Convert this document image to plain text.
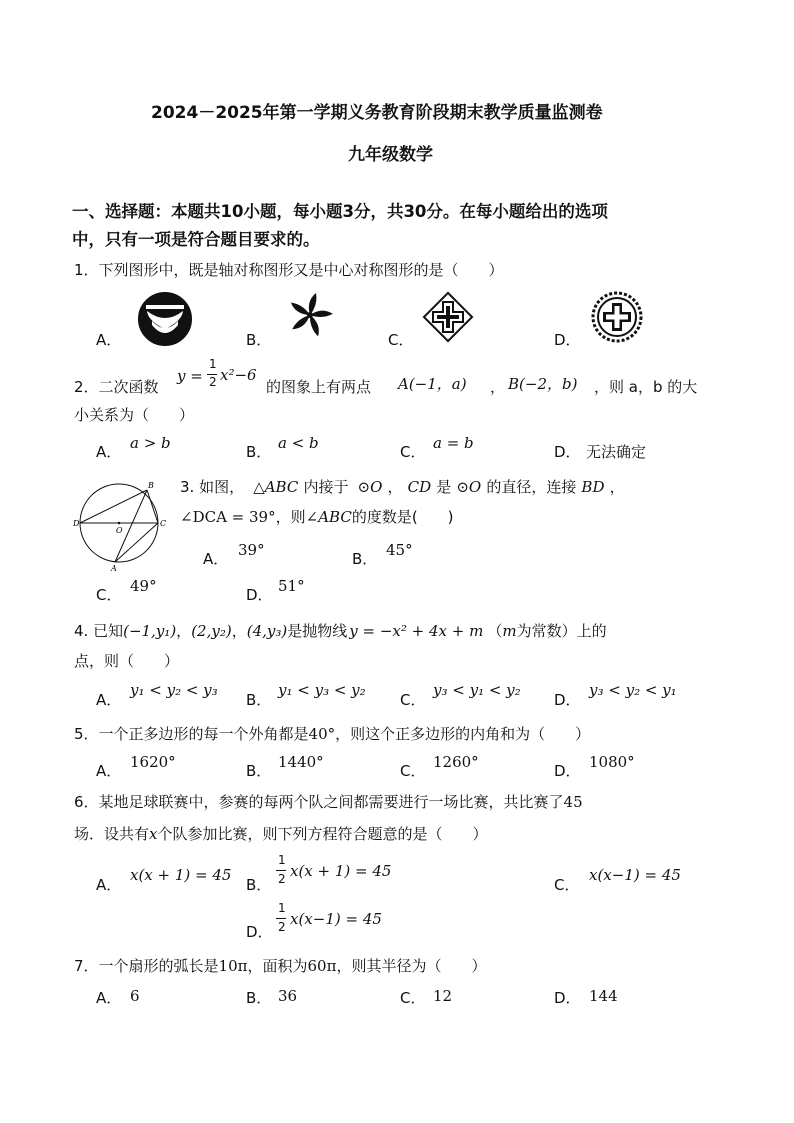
2024－2025年第一学期义务教育阶段期末教学质量监测卷
九年级数学
一、选择题：本题共10小题，每小题3分，共30分。在每小题给出的选项
中，只有一项是符合题目要求的。
1．下列图形中，既是轴对称图形又是中心对称图形的是（　　）
A．	B．	C．	D．
2．二次函数
y =
1
2 x²−6
的图象上有两点 A(−1，a) ， B(−2，b) ，则 a，b 的大
小关系为（　　）
A． a > b	B． a < b	C． a = b	D． 无法确定
D
O
C
B
A
3. 如图， △ABC 内接于 ⊙O ， CD 是 ⊙O 的直径，连接 BD ，
∠DCA = 39°，则∠ABC的度数是(　　)
A． 39°	B． 45°
C． 49°	D． 51°
4. 已知(−1,y₁)，(2,y₂)，(4,y₃)是抛物线 y = −x² + 4x + m （m为常数）上的
点，则（　　）
A．
y₁ < y₂ < y₃
B．
y₁ < y₃ < y₂
C．
y₃ < y₁ < y₂
D．
y₃ < y₂ < y₁
5．一个正多边形的每一个外角都是40°，则这个正多边形的内角和为（　　）
A． 1620°	B． 1440°	C． 1260°	D． 1080°
6．某地足球联赛中，参赛的每两个队之间都需要进行一场比赛，共比赛了45
场．设共有x个队参加比赛，则下列方程符合题意的是（　　）
A．
x(x + 1) = 45
B．
1
2 x(x + 1) = 45
C．
x(x−1) = 45
D．
1
2 x(x−1) = 45
7．一个扇形的弧长是10π，面积为60π，则其半径为（　　）
A． 6	B． 36	C． 12	D． 144
